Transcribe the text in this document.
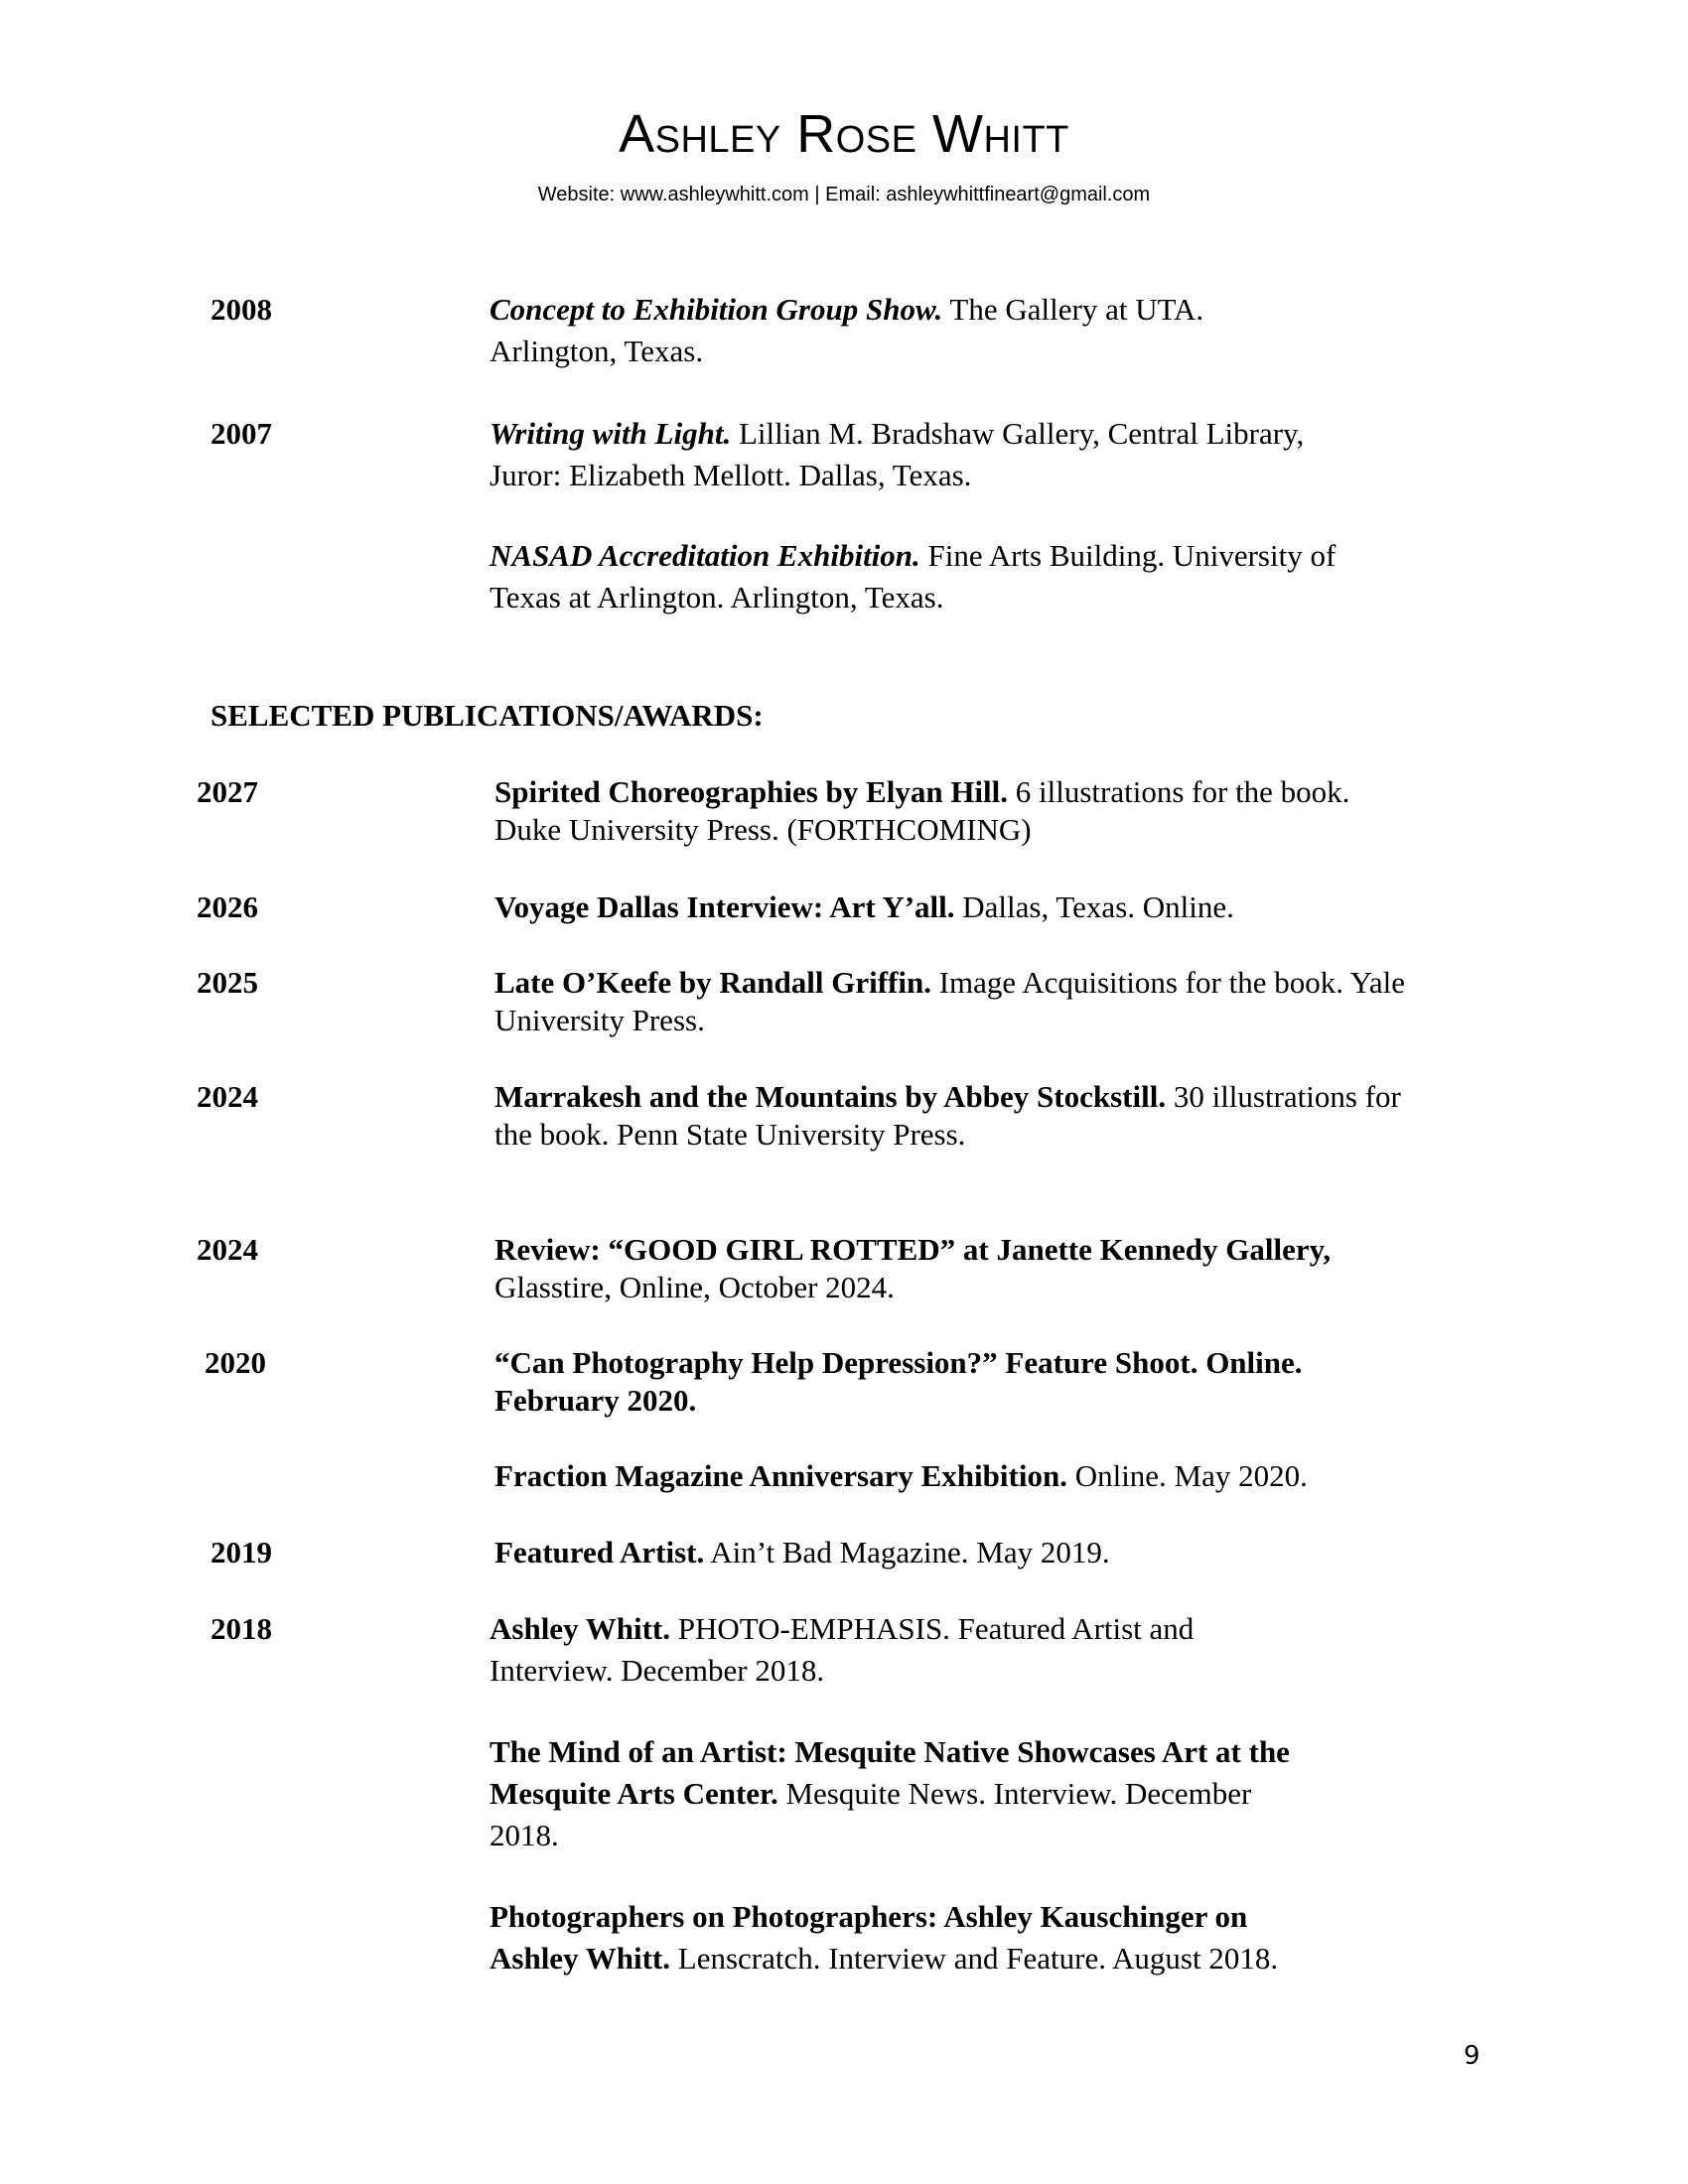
Ashley Rose Whitt
Website: www.ashleywhitt.com | Email: ashleywhittfineart@gmail.com
2008	Concept to Exhibition Group Show. The Gallery at UTA.
Arlington, Texas.
2007	Writing with Light. Lillian M. Bradshaw Gallery, Central Library,
Juror: Elizabeth Mellott. Dallas, Texas.
NASAD Accreditation Exhibition. Fine Arts Building. University of
Texas at Arlington. Arlington, Texas.
SELECTED PUBLICATIONS/AWARDS:
2027	Spirited Choreographies by Elyan Hill. 6 illustrations for the book.
Duke University Press. (FORTHCOMING)
2026	Voyage Dallas Interview: Art Y’all. Dallas, Texas. Online.
2025	Late O’Keefe by Randall Griffin. Image Acquisitions for the book. Yale
University Press.
2024	Marrakesh and the Mountains by Abbey Stockstill. 30 illustrations for
the book. Penn State University Press.
2024	Review: “GOOD GIRL ROTTED” at Janette Kennedy Gallery,
Glasstire, Online, October 2024.
2020	“Can Photography Help Depression?” Feature Shoot. Online.
February 2020.
Fraction Magazine Anniversary Exhibition. Online. May 2020.
2019	Featured Artist. Ain’t Bad Magazine. May 2019.
2018	Ashley Whitt. PHOTO-EMPHASIS. Featured Artist and
Interview. December 2018.
The Mind of an Artist: Mesquite Native Showcases Art at the
Mesquite Arts Center. Mesquite News. Interview. December
2018.
Photographers on Photographers: Ashley Kauschinger on
Ashley Whitt. Lenscratch. Interview and Feature. August 2018.
9
